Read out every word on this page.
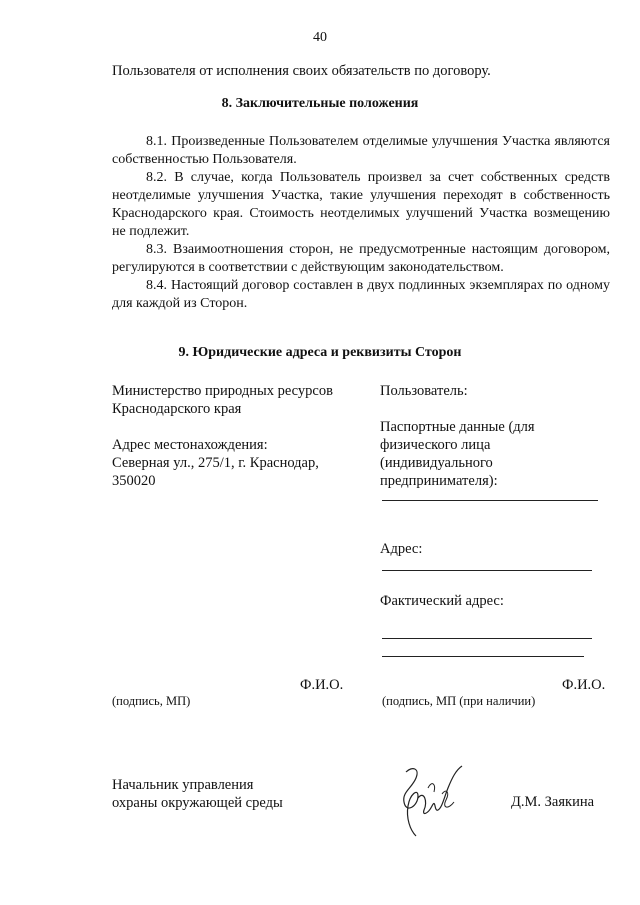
40
Пользователя от исполнения своих обязательств по договору.
8. Заключительные положения
8.1. Произведенные Пользователем отделимые улучшения Участка являются собственностью Пользователя.
8.2. В случае, когда Пользователь произвел за счет собственных средств неотделимые улучшения Участка, такие улучшения переходят в собственность Краснодарского края. Стоимость неотделимых улучшений Участка возмещению не подлежит.
8.3. Взаимоотношения сторон, не предусмотренные настоящим договором, регулируются в соответствии с действующим законодательством.
8.4. Настоящий договор составлен в двух подлинных экземплярах по одному для каждой из Сторон.
9. Юридические адреса и реквизиты Сторон
Министерство природных ресурсов
Краснодарского края
Адрес местонахождения:
Северная ул., 275/1, г. Краснодар,
350020
Пользователь:
Паспортные данные (для
физического лица
(индивидуального
предпринимателя):
Адрес:
Фактический адрес:
Ф.И.О.	Ф.И.О.
(подпись, МП)	(подпись, МП (при наличии)
Начальник управления
охраны окружающей среды	Д.М. Заякина
